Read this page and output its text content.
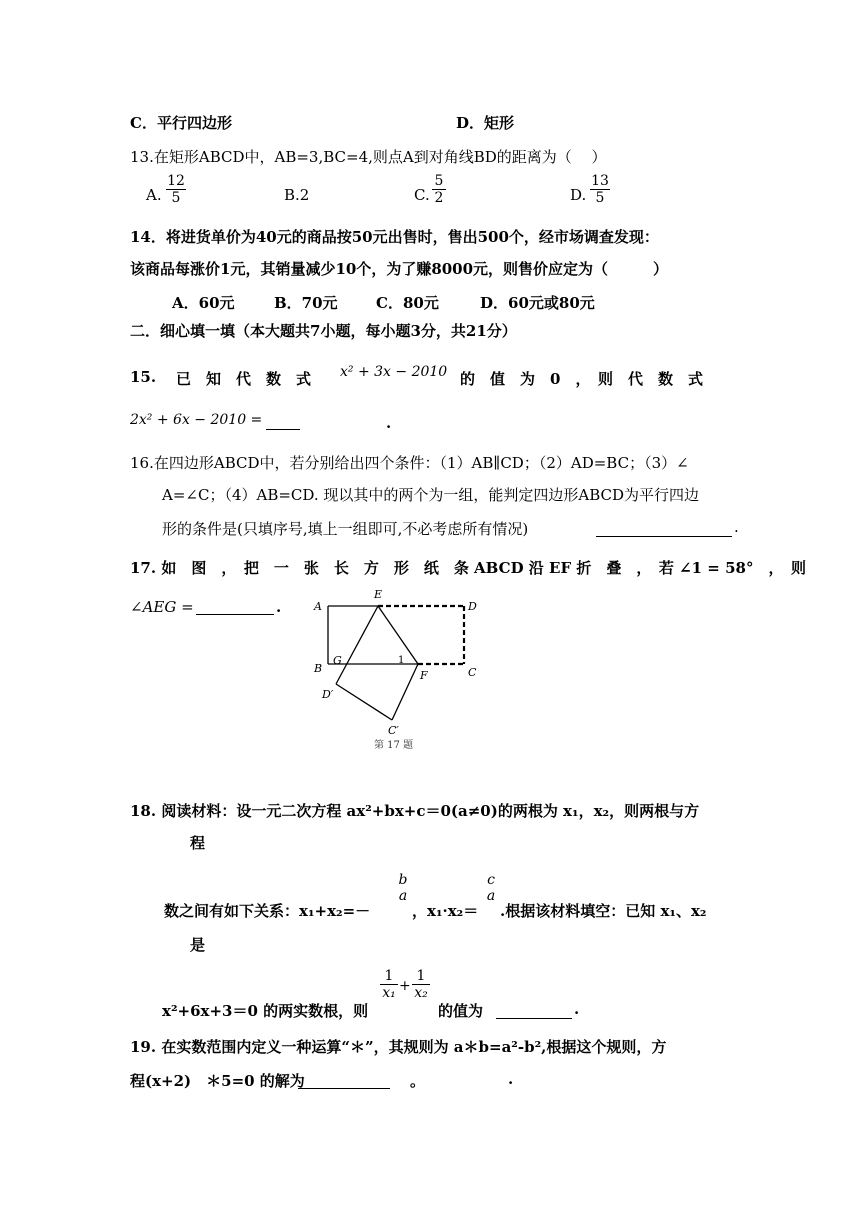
C．平行四边形	D．矩形
13.在矩形ABCD中，AB=3,BC=4,则点A到对角线BD的距离为（　 ）
A. $\frac{12}{5}$	B.2	C. $\frac{5}{2}$	D. $\frac{13}{5}$
14．将进货单价为40元的商品按50元出售时，售出500个，经市场调查发现：
该商品每涨价1元，其销量减少10个，为了赚8000元，则售价应定为（　　　）
A．60元	B．70元	C．80元	D．60元或80元
二．细心填一填（本大题共7小题，每小题3分，共21分）
15. 已　知　代　数　式 x² + 3x − 2010 的　值　为　0　，　则　代　数　式
2x² + 6x − 2010 =	.
16.在四边形ABCD中，若分别给出四个条件：（1）AB∥CD；（2）AD=BC；（3）∠
A=∠C；（4）AB=CD. 现以其中的两个为一组，能判定四边形ABCD为平行四边
形的条件是(只填序号,填上一组即可,不必考虑所有情况)	.
17. 如　图　，　把　一　张　长　方　形　纸　条 ABCD 沿 EF 折　叠　，　若 ∠1 = 58°　，　则
∠AEG =	.	A
E
D
B
G	1
F	C
D′
C′
第 17 题
18. 阅读材料：设一元二次方程 ax²+bx+c＝0(a≠0)的两根为 x₁，x₂，则两根与方
程
数之间有如下关系：x₁+x₂=－
b
a
，x₁·x₂＝
c
a
.根据该材料填空：已知 x₁、x₂
是
x²+6x+3＝0 的两实数根，则
$\frac{1}{\text{x₁}} + \frac{1}{\text{x₂}}$
的值为	.
19. 在实数范围内定义一种运算“＊”，其规则为 a＊b=a²-b²,根据这个规则，方
程(x+2)　＊5=0 的解为	。	.
